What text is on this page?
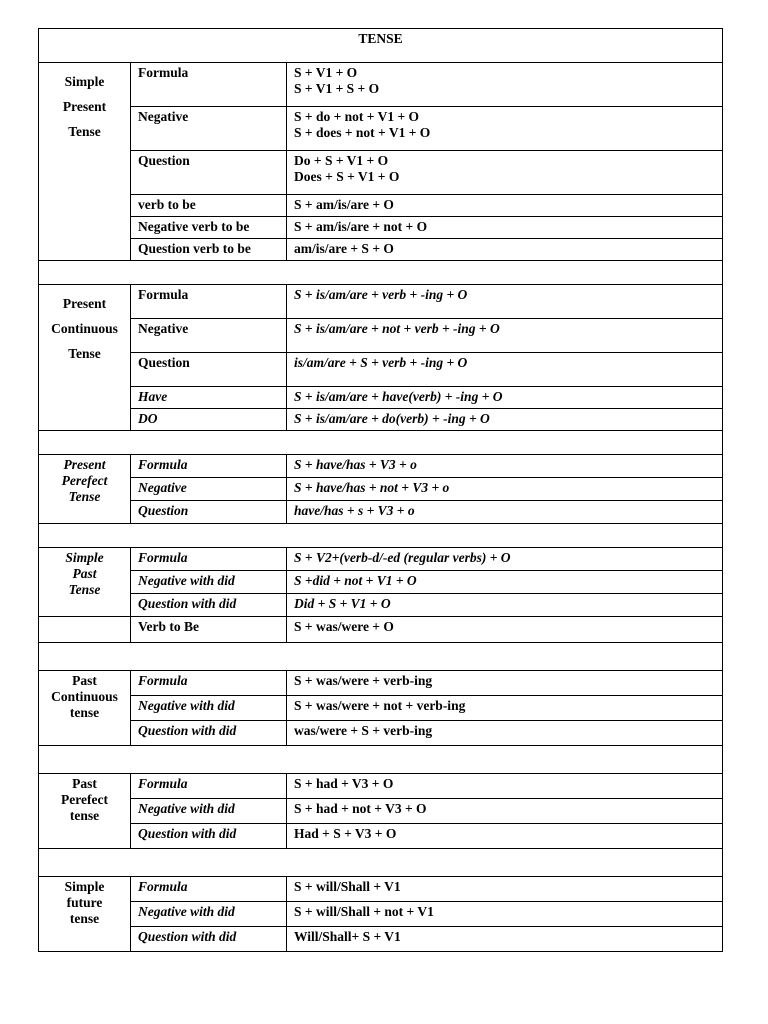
TENSE		

Simple
Present
Tense	Formula	S + V1 + O
S + V1 + S + O

	Negative	S + do + not + V1 + O
S + does + not + V1 + O

	Question	Do + S + V1 + O
Does + S + V1 + O

	verb to be	S + am/is/are + O

	Negative verb to be	S + am/is/are + not + O

	Question verb to be	am/is/are + S + O

Present
Continuous
Tense	Formula	S + is/am/are + verb + -ing + O

	Negative	S + is/am/are + not + verb + -ing + O

	Question	is/am/are + S + verb + -ing + O

	Have	S + is/am/are + have(verb) + -ing + O

	DO	S + is/am/are + do(verb) + -ing + O

Present
Perefect
Tense	Formula	S + have/has + V3 + o

	Negative	S + have/has + not + V3 + o

	Question	have/has + s + V3 + o

Simple
Past
Tense	Formula	S + V2+(verb-d/-ed (regular verbs) + O

	Negative with did	S +did + not + V1 + O

	Question with did	Did + S + V1 + O

	Verb to Be	S + was/were + O

Past
Continuous
tense	Formula	S + was/were + verb-ing

	Negative with did	S + was/were + not + verb-ing

	Question with did	was/were + S + verb-ing

Past
Perefect
tense	Formula	S + had + V3 + O

	Negative with did	S + had + not + V3 + O

	Question with did	Had + S + V3 + O

Simple
future
tense	Formula	S + will/Shall + V1

	Negative with did	S + will/Shall + not + V1

	Question with did	Will/Shall+ S + V1
